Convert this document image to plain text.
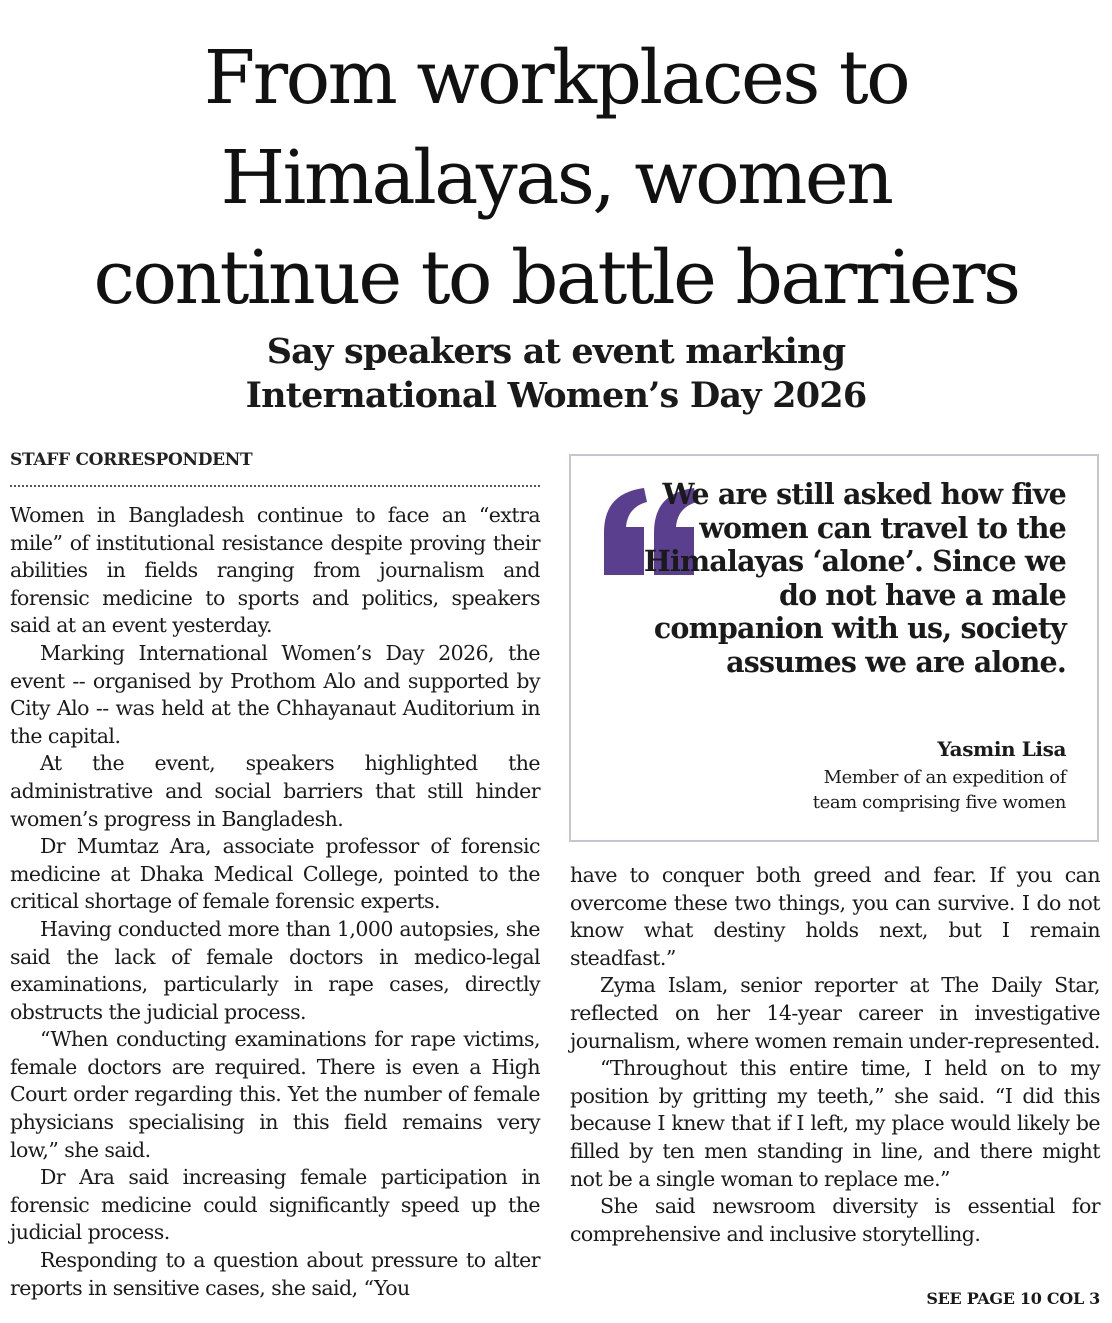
From workplaces to
Himalayas, women
continue to battle barriers
Say speakers at event marking
International Women’s Day 2026
STAFF CORRESPONDENT

Women in Bangladesh continue to face an “extra mile” of institutional resistance despite proving their abilities in fields ranging from journalism and forensic medicine to sports and politics, speakers said at an event yesterday.

Marking International Women’s Day 2026, the event -- organised by Prothom Alo and supported by City Alo -- was held at the Chhayanaut Auditorium in the capital.

At the event, speakers highlighted the administrative and social barriers that still hinder women’s progress in Bangladesh.

Dr Mumtaz Ara, associate professor of forensic medicine at Dhaka Medical College, pointed to the critical shortage of female forensic experts.

Having conducted more than 1,000 autopsies, she said the lack of female doctors in medico-legal examinations, particularly in rape cases, directly obstructs the judicial process.

“When conducting examinations for rape victims, female doctors are required. There is even a High Court order regarding this. Yet the number of female physicians specialising in this field remains very low,” she said.

Dr Ara said increasing female participation in forensic medicine could significantly speed up the judicial process.

Responding to a question about pressure to alter reports in sensitive cases, she said, “You

We are still asked how five women can travel to the Himalayas ‘alone’. Since we do not have a male companion with us, society assumes we are alone.

Yasmin Lisa
Member of an expedition of
team comprising five women

have to conquer both greed and fear. If you can overcome these two things, you can survive. I do not know what destiny holds next, but I remain steadfast.”

Zyma Islam, senior reporter at The Daily Star, reflected on her 14-year career in investigative journalism, where women remain under-represented.

“Throughout this entire time, I held on to my position by gritting my teeth,” she said. “I did this because I knew that if I left, my place would likely be filled by ten men standing in line, and there might not be a single woman to replace me.”

She said newsroom diversity is essential for comprehensive and inclusive storytelling.

SEE PAGE 10 COL 3
